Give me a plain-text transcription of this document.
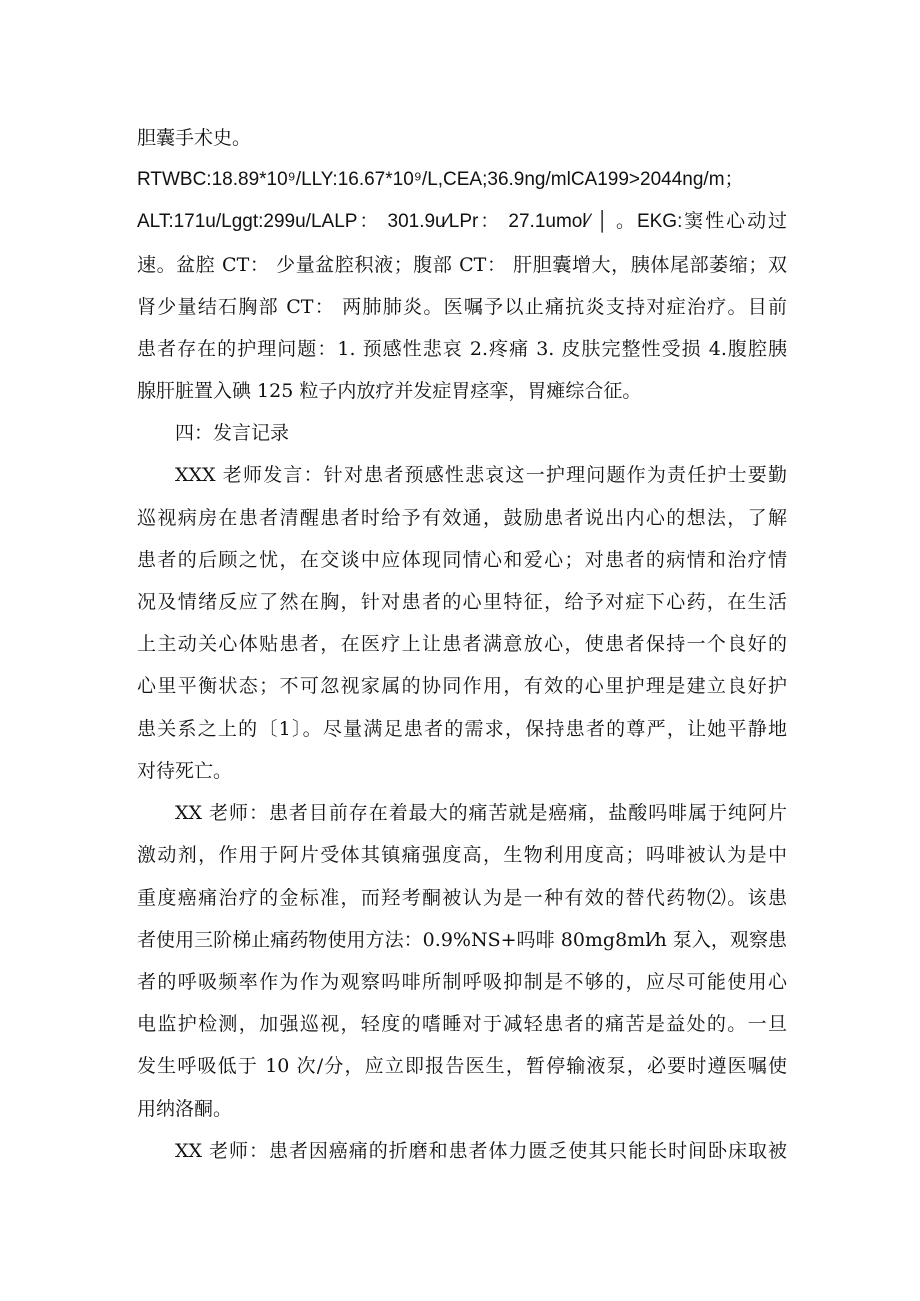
胆囊手术史。
RTWBC:18.89*10⁹/LLY:16.67*10⁹/L,CEA;36.9ng/mlCA199>2044ng/m；
ALT:171u/Lggt:299u/LALP： 301.9u⁄LPr： 27.1umol⁄ │ 。EKG:窦性心动过
速。盆腔 CT： 少量盆腔积液；腹部 CT： 肝胆囊增大，胰体尾部萎缩；双
肾少量结石胸部 CT： 两肺肺炎。医嘱予以止痛抗炎支持对症治疗。目前
患者存在的护理问题：1. 预感性悲哀 2.疼痛 3. 皮肤完整性受损 4.腹腔胰
腺肝脏置入碘 125 粒子内放疗并发症胃痉挛，胃瘫综合征。
四：发言记录
XXX 老师发言：针对患者预感性悲哀这一护理问题作为责任护士要勤
巡视病房在患者清醒患者时给予有效通，鼓励患者说出内心的想法，了解
患者的后顾之忧，在交谈中应体现同情心和爱心；对患者的病情和治疗情
况及情绪反应了然在胸，针对患者的心里特征，给予对症下心药，在生活
上主动关心体贴患者，在医疗上让患者满意放心，使患者保持一个良好的
心里平衡状态；不可忽视家属的协同作用，有效的心里护理是建立良好护
患关系之上的〔1〕。尽量满足患者的需求，保持患者的尊严，让她平静地
对待死亡。
XX 老师：患者目前存在着最大的痛苦就是癌痛，盐酸吗啡属于纯阿片
激动剂，作用于阿片受体其镇痛强度高，生物利用度高；吗啡被认为是中
重度癌痛治疗的金标准，而羟考酮被认为是一种有效的替代药物⑵。该患
者使用三阶梯止痛药物使用方法：0.9%NS+吗啡 80mg8ml⁄h 泵入，观察患
者的呼吸频率作为作为观察吗啡所制呼吸抑制是不够的，应尽可能使用心
电监护检测，加强巡视，轻度的嗜睡对于减轻患者的痛苦是益处的。一旦
发生呼吸低于 10 次/分，应立即报告医生，暂停输液泵，必要时遵医嘱使
用纳洛酮。
XX 老师：患者因癌痛的折磨和患者体力匮乏使其只能长时间卧床取被
